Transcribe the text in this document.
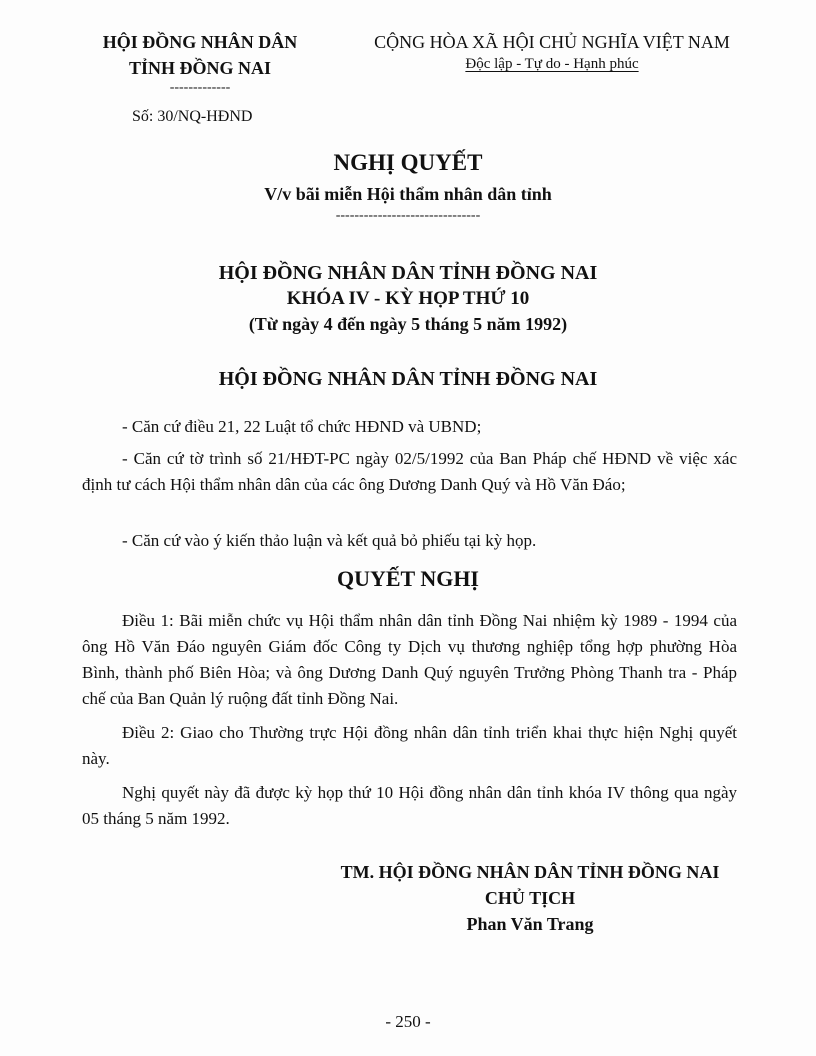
HỘI ĐỒNG NHÂN DÂN
TỈNH ĐỒNG NAI
-------------
CỘNG HÒA XÃ HỘI CHỦ NGHĨA VIỆT NAM
Độc lập - Tự do - Hạnh phúc
Số: 30/NQ-HĐND
NGHỊ QUYẾT
V/v bãi miễn Hội thẩm nhân dân tỉnh
-------------------------------
HỘI ĐỒNG NHÂN DÂN TỈNH ĐỒNG NAI
KHÓA IV - KỲ HỌP THỨ 10
(Từ ngày 4 đến ngày 5 tháng 5 năm 1992)
HỘI ĐỒNG NHÂN DÂN TỈNH ĐỒNG NAI
- Căn cứ điều 21, 22 Luật tổ chức HĐND và UBND;
- Căn cứ tờ trình số 21/HĐT-PC ngày 02/5/1992 của Ban Pháp chế HĐND về việc xác định tư cách Hội thẩm nhân dân của các ông Dương Danh Quý và Hồ Văn Đáo;
- Căn cứ vào ý kiến thảo luận và kết quả bỏ phiếu tại kỳ họp.
QUYẾT NGHỊ
Điều 1: Bãi miễn chức vụ Hội thẩm nhân dân tỉnh Đồng Nai nhiệm kỳ 1989 - 1994 của ông Hồ Văn Đáo nguyên Giám đốc Công ty Dịch vụ thương nghiệp tổng hợp phường Hòa Bình, thành phố Biên Hòa; và ông Dương Danh Quý nguyên Trưởng Phòng Thanh tra - Pháp chế của Ban Quản lý ruộng đất tỉnh Đồng Nai.
Điều 2: Giao cho Thường trực Hội đồng nhân dân tỉnh triển khai thực hiện Nghị quyết này.
Nghị quyết này đã được kỳ họp thứ 10 Hội đồng nhân dân tỉnh khóa IV thông qua ngày 05 tháng 5 năm 1992.
TM. HỘI ĐỒNG NHÂN DÂN TỈNH ĐỒNG NAI
CHỦ TỊCH
Phan Văn Trang
- 250 -
